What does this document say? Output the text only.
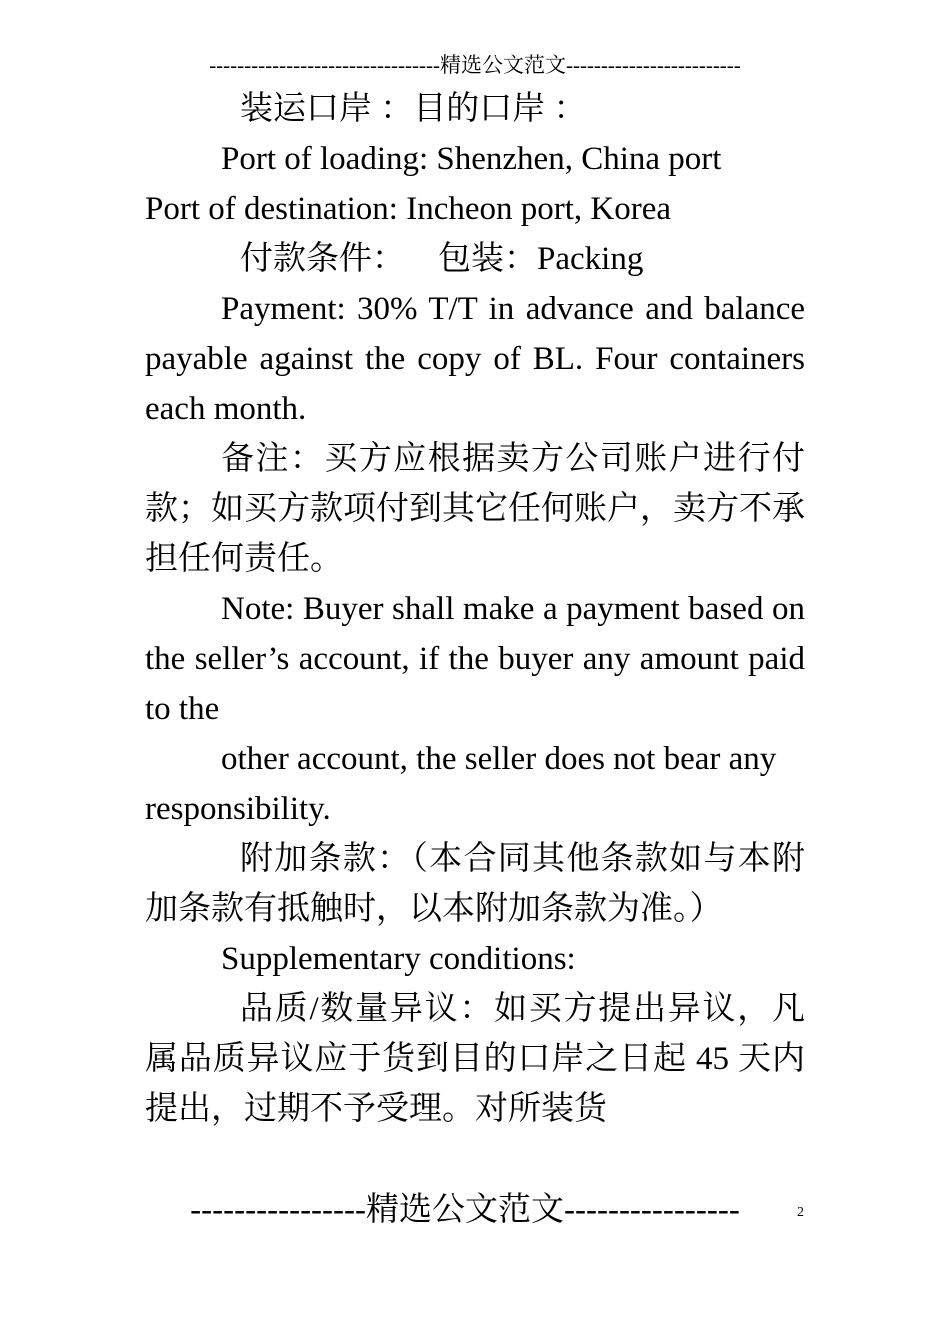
---------------------------------精选公文范文-------------------------

装运口岸 ：目的口岸 ：

Port of loading: Shenzhen, China port

Port of destination: Incheon port, Korea

付款条件：    包装：Packing

Payment: 30% T/T in advance and balance payable against the copy of BL. Four containers each month.

备注：买方应根据卖方公司账户进行付款；如买方款项付到其它任何账户，卖方不承担任何责任。

Note: Buyer shall make a payment based on the seller’s account, if the buyer any amount paid to the

other account, the seller does not bear any responsibility.

附加条款：（本合同其他条款如与本附加条款有抵触时，以本附加条款为准。）

Supplementary conditions:

品质/数量异议：如买方提出异议，凡属品质异议应于货到目的口岸之日起 45 天内提出，过期不予受理。对所装货

----------------精选公文范文----------------	2
